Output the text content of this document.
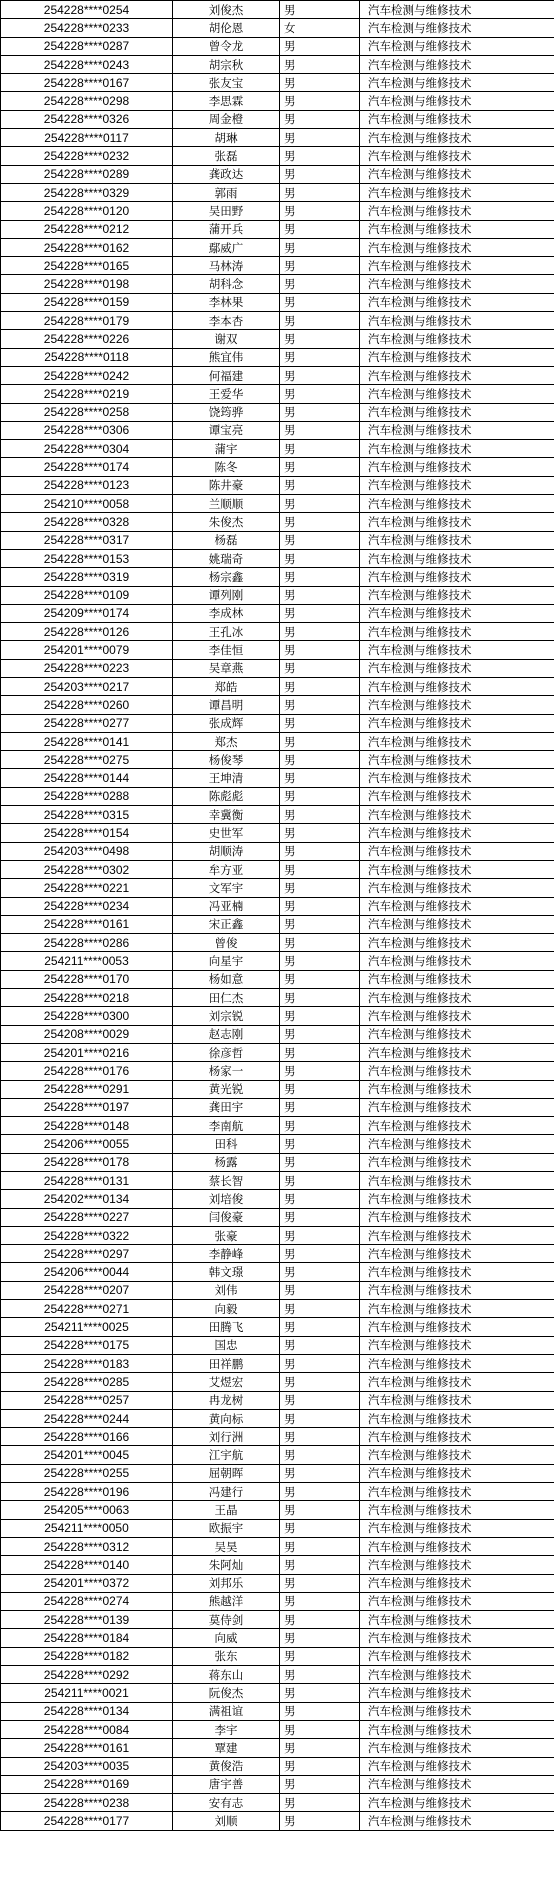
254228****0254	刘俊杰	男	汽车检测与维修技术
254228****0233	胡伦恩	女	汽车检测与维修技术
254228****0287	曾令龙	男	汽车检测与维修技术
254228****0243	胡宗秋	男	汽车检测与维修技术
254228****0167	张友宝	男	汽车检测与维修技术
254228****0298	李思霖	男	汽车检测与维修技术
254228****0326	周金橙	男	汽车检测与维修技术
254228****0117	胡琳	男	汽车检测与维修技术
254228****0232	张磊	男	汽车检测与维修技术
254228****0289	龚政达	男	汽车检测与维修技术
254228****0329	郭雨	男	汽车检测与维修技术
254228****0120	吴田野	男	汽车检测与维修技术
254228****0212	蒲开兵	男	汽车检测与维修技术
254228****0162	鄢威广	男	汽车检测与维修技术
254228****0165	马林涛	男	汽车检测与维修技术
254228****0198	胡科念	男	汽车检测与维修技术
254228****0159	李林果	男	汽车检测与维修技术
254228****0179	李本杏	男	汽车检测与维修技术
254228****0226	谢双	男	汽车检测与维修技术
254228****0118	熊宜伟	男	汽车检测与维修技术
254228****0242	何福建	男	汽车检测与维修技术
254228****0219	王爱华	男	汽车检测与维修技术
254228****0258	饶筠骅	男	汽车检测与维修技术
254228****0306	谭宝亮	男	汽车检测与维修技术
254228****0304	蒲宇	男	汽车检测与维修技术
254228****0174	陈冬	男	汽车检测与维修技术
254228****0123	陈井豪	男	汽车检测与维修技术
254210****0058	兰顺顺	男	汽车检测与维修技术
254228****0328	朱俊杰	男	汽车检测与维修技术
254228****0317	杨磊	男	汽车检测与维修技术
254228****0153	姚瑞奇	男	汽车检测与维修技术
254228****0319	杨宗鑫	男	汽车检测与维修技术
254228****0109	谭列刚	男	汽车检测与维修技术
254209****0174	李成林	男	汽车检测与维修技术
254228****0126	王孔冰	男	汽车检测与维修技术
254201****0079	李佳恒	男	汽车检测与维修技术
254228****0223	吴章燕	男	汽车检测与维修技术
254203****0217	郑皓	男	汽车检测与维修技术
254228****0260	谭昌明	男	汽车检测与维修技术
254228****0277	张成辉	男	汽车检测与维修技术
254228****0141	郑杰	男	汽车检测与维修技术
254228****0275	杨俊琴	男	汽车检测与维修技术
254228****0144	王坤清	男	汽车检测与维修技术
254228****0288	陈彪彪	男	汽车检测与维修技术
254228****0315	幸冀衡	男	汽车检测与维修技术
254228****0154	史世军	男	汽车检测与维修技术
254203****0498	胡顺涛	男	汽车检测与维修技术
254228****0302	牟方亚	男	汽车检测与维修技术
254228****0221	文军宇	男	汽车检测与维修技术
254228****0234	冯亚楠	男	汽车检测与维修技术
254228****0161	宋正鑫	男	汽车检测与维修技术
254228****0286	曾俊	男	汽车检测与维修技术
254211****0053	向星宇	男	汽车检测与维修技术
254228****0170	杨如意	男	汽车检测与维修技术
254228****0218	田仁杰	男	汽车检测与维修技术
254228****0300	刘宗锐	男	汽车检测与维修技术
254208****0029	赵志刚	男	汽车检测与维修技术
254201****0216	徐彦哲	男	汽车检测与维修技术
254228****0176	杨家一	男	汽车检测与维修技术
254228****0291	黄光锐	男	汽车检测与维修技术
254228****0197	龚田宇	男	汽车检测与维修技术
254228****0148	李南航	男	汽车检测与维修技术
254206****0055	田科	男	汽车检测与维修技术
254228****0178	杨露	男	汽车检测与维修技术
254228****0131	蔡长智	男	汽车检测与维修技术
254202****0134	刘培俊	男	汽车检测与维修技术
254228****0227	闫俊豪	男	汽车检测与维修技术
254228****0322	张豪	男	汽车检测与维修技术
254228****0297	李静峰	男	汽车检测与维修技术
254206****0044	韩文璟	男	汽车检测与维修技术
254228****0207	刘伟	男	汽车检测与维修技术
254228****0271	向毅	男	汽车检测与维修技术
254211****0025	田腾飞	男	汽车检测与维修技术
254228****0175	国忠	男	汽车检测与维修技术
254228****0183	田祥鹏	男	汽车检测与维修技术
254228****0285	艾煜宏	男	汽车检测与维修技术
254228****0257	冉龙树	男	汽车检测与维修技术
254228****0244	黄向标	男	汽车检测与维修技术
254228****0166	刘行洲	男	汽车检测与维修技术
254201****0045	江宇航	男	汽车检测与维修技术
254228****0255	屈朝晖	男	汽车检测与维修技术
254228****0196	冯建行	男	汽车检测与维修技术
254205****0063	王晶	男	汽车检测与维修技术
254211****0050	欧振宇	男	汽车检测与维修技术
254228****0312	吴昊	男	汽车检测与维修技术
254228****0140	朱阿灿	男	汽车检测与维修技术
254201****0372	刘邦乐	男	汽车检测与维修技术
254228****0274	熊越洋	男	汽车检测与维修技术
254228****0139	莫侍剑	男	汽车检测与维修技术
254228****0184	向威	男	汽车检测与维修技术
254228****0182	张东	男	汽车检测与维修技术
254228****0292	蒋东山	男	汽车检测与维修技术
254211****0021	阮俊杰	男	汽车检测与维修技术
254228****0134	满祖谊	男	汽车检测与维修技术
254228****0084	李宇	男	汽车检测与维修技术
254228****0161	覃建	男	汽车检测与维修技术
254203****0035	黄俊浩	男	汽车检测与维修技术
254228****0169	唐宇善	男	汽车检测与维修技术
254228****0238	安有志	男	汽车检测与维修技术
254228****0177	刘顺	男	汽车检测与维修技术
